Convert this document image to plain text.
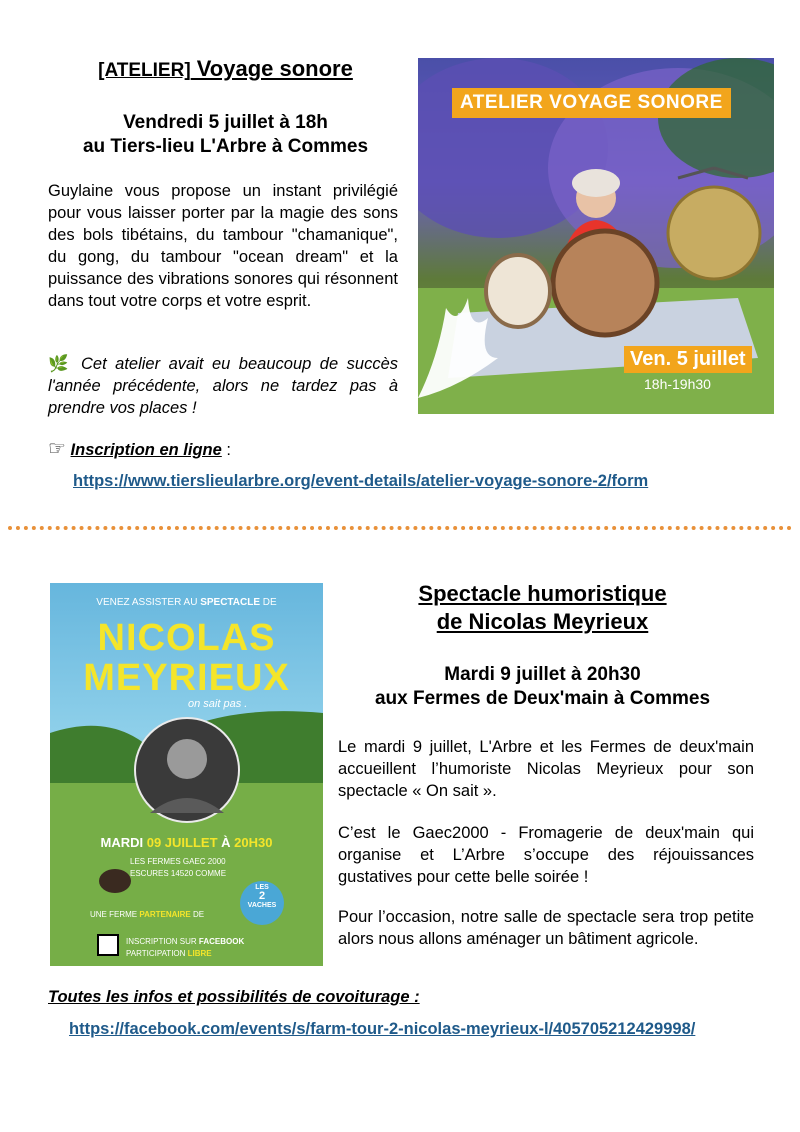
[ATELIER] Voyage sonore
Vendredi 5 juillet à 18h
au Tiers-lieu L'Arbre à Commes
Guylaine vous propose un instant privilégié pour vous laisser porter par la magie des sons des bols tibétains, du tambour "chamanique", du gong, du tambour "ocean dream" et la puissance des vibrations sonores qui résonnent dans tout votre corps et votre esprit.
🌿 Cet atelier avait eu beaucoup de succès l'année précédente, alors ne tardez pas à prendre vos places !
☞ Inscription en ligne :
https://www.tierslieularbre.org/event-details/atelier-voyage-sonore-2/form
ATELIER VOYAGE SONORE
Ven. 5 juillet
18h-19h30
Spectacle humoristique
de Nicolas Meyrieux
Mardi 9 juillet à 20h30
aux Fermes de Deux'main à Commes
Le mardi 9 juillet, L'Arbre et les Fermes de deux'main accueillent l’humoriste Nicolas Meyrieux pour son spectacle « On sait ».
C’est le Gaec2000 - Fromagerie de deux'main qui organise et L’Arbre s’occupe des réjouissances gustatives pour cette belle soirée !
Pour l’occasion, notre salle de spectacle sera trop petite alors nous allons aménager un bâtiment agricole.
Toutes les infos et possibilités de covoiturage :
https://facebook.com/events/s/farm-tour-2-nicolas-meyrieux-l/405705212429998/
VENEZ ASSISTER AU SPECTACLE DE
NICOLAS
MEYRIEUX
on sait pas .
MARDI 09 JUILLET À 20H30
LES FERMES GAEC 2000
ESCURES 14520 COMME
UNE FERME PARTENAIRE DE
LES
2
VACHES
INSCRIPTION SUR FACEBOOK
PARTICIPATION LIBRE
